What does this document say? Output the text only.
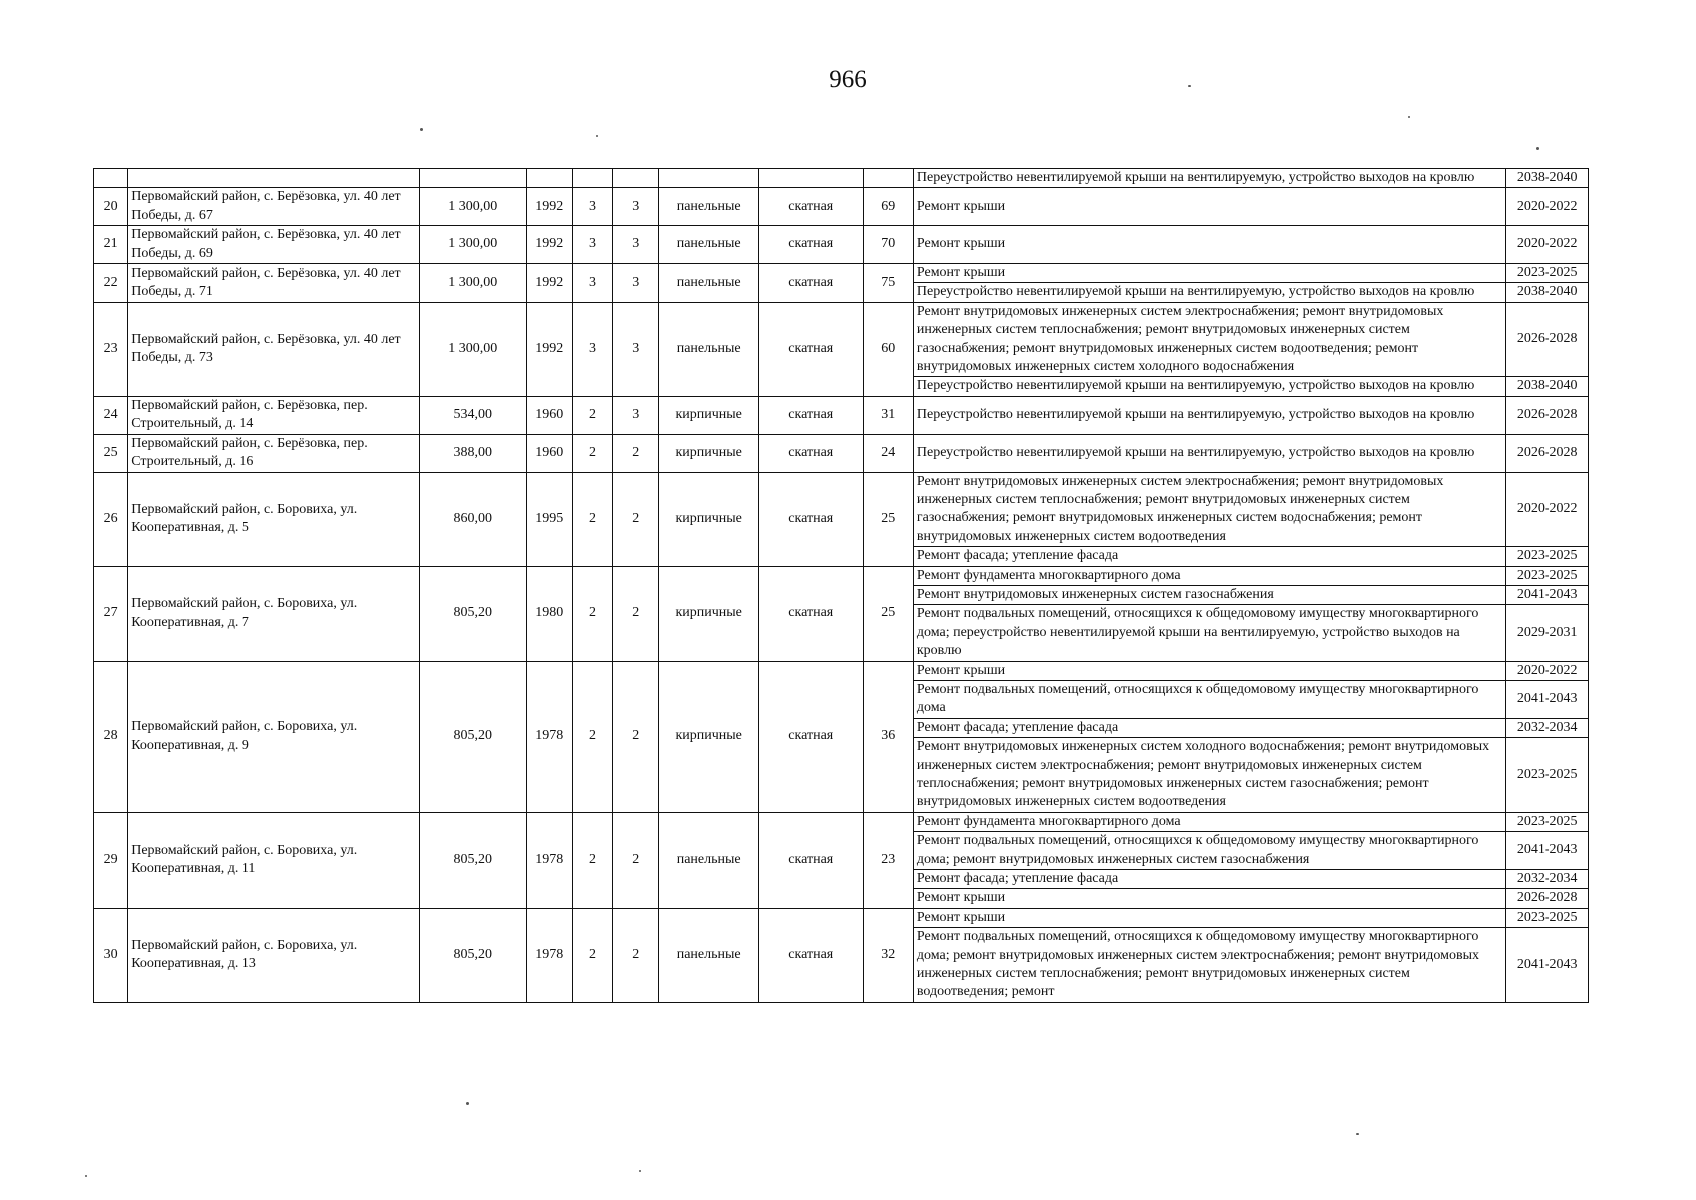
966
									Переустройство невентилируемой крыши на вентилируемую, устройство выходов на кровлю	2038-2040
20	Первомайский район, с. Берёзовка, ул. 40 лет Победы, д. 67	1 300,00	1992	3	3	панельные	скатная	69	Ремонт крыши	2020-2022
21	Первомайский район, с. Берёзовка, ул. 40 лет Победы, д. 69	1 300,00	1992	3	3	панельные	скатная	70	Ремонт крыши	2020-2022
22	Первомайский район, с. Берёзовка, ул. 40 лет Победы, д. 71	1 300,00	1992	3	3	панельные	скатная	75	Ремонт крыши	2023-2025
									Переустройство невентилируемой крыши на вентилируемую, устройство выходов на кровлю	2038-2040
23	Первомайский район, с. Берёзовка, ул. 40 лет Победы, д. 73	1 300,00	1992	3	3	панельные	скатная	60	Ремонт внутридомовых инженерных систем электроснабжения; ремонт внутридомовых инженерных систем теплоснабжения; ремонт внутридомовых инженерных систем газоснабжения; ремонт внутридомовых инженерных систем водоотведения; ремонт внутридомовых инженерных систем холодного водоснабжения	2026-2028
									Переустройство невентилируемой крыши на вентилируемую, устройство выходов на кровлю	2038-2040
24	Первомайский район, с. Берёзовка, пер. Строительный, д. 14	534,00	1960	2	3	кирпичные	скатная	31	Переустройство невентилируемой крыши на вентилируемую, устройство выходов на кровлю	2026-2028
25	Первомайский район, с. Берёзовка, пер. Строительный, д. 16	388,00	1960	2	2	кирпичные	скатная	24	Переустройство невентилируемой крыши на вентилируемую, устройство выходов на кровлю	2026-2028
26	Первомайский район, с. Боровиха, ул. Кооперативная, д. 5	860,00	1995	2	2	кирпичные	скатная	25	Ремонт внутридомовых инженерных систем электроснабжения; ремонт внутридомовых инженерных систем теплоснабжения; ремонт внутридомовых инженерных систем газоснабжения; ремонт внутридомовых инженерных систем водоснабжения; ремонт внутридомовых инженерных систем водоотведения	2020-2022
									Ремонт фасада; утепление фасада	2023-2025
27	Первомайский район, с. Боровиха, ул. Кооперативная, д. 7	805,20	1980	2	2	кирпичные	скатная	25	Ремонт фундамента многоквартирного дома	2023-2025
									Ремонт внутридомовых инженерных систем газоснабжения	2041-2043
									Ремонт подвальных помещений, относящихся к общедомовому имуществу многоквартирного дома; переустройство невентилируемой крыши на вентилируемую, устройство выходов на кровлю	2029-2031
28	Первомайский район, с. Боровиха, ул. Кооперативная, д. 9	805,20	1978	2	2	кирпичные	скатная	36	Ремонт крыши	2020-2022
									Ремонт подвальных помещений, относящихся к общедомовому имуществу многоквартирного дома	2041-2043
									Ремонт фасада; утепление фасада	2032-2034
									Ремонт внутридомовых инженерных систем холодного водоснабжения; ремонт внутридомовых инженерных систем электроснабжения; ремонт внутридомовых инженерных систем теплоснабжения; ремонт внутридомовых инженерных систем газоснабжения; ремонт внутридомовых инженерных систем водоотведения	2023-2025
29	Первомайский район, с. Боровиха, ул. Кооперативная, д. 11	805,20	1978	2	2	панельные	скатная	23	Ремонт фундамента многоквартирного дома	2023-2025
									Ремонт подвальных помещений, относящихся к общедомовому имуществу многоквартирного дома; ремонт внутридомовых инженерных систем газоснабжения	2041-2043
									Ремонт фасада; утепление фасада	2032-2034
									Ремонт крыши	2026-2028
30	Первомайский район, с. Боровиха, ул. Кооперативная, д. 13	805,20	1978	2	2	панельные	скатная	32	Ремонт крыши	2023-2025
									Ремонт подвальных помещений, относящихся к общедомовому имуществу многоквартирного дома; ремонт внутридомовых инженерных систем электроснабжения; ремонт внутридомовых инженерных систем теплоснабжения; ремонт внутридомовых инженерных систем водоотведения; ремонт	2041-2043
